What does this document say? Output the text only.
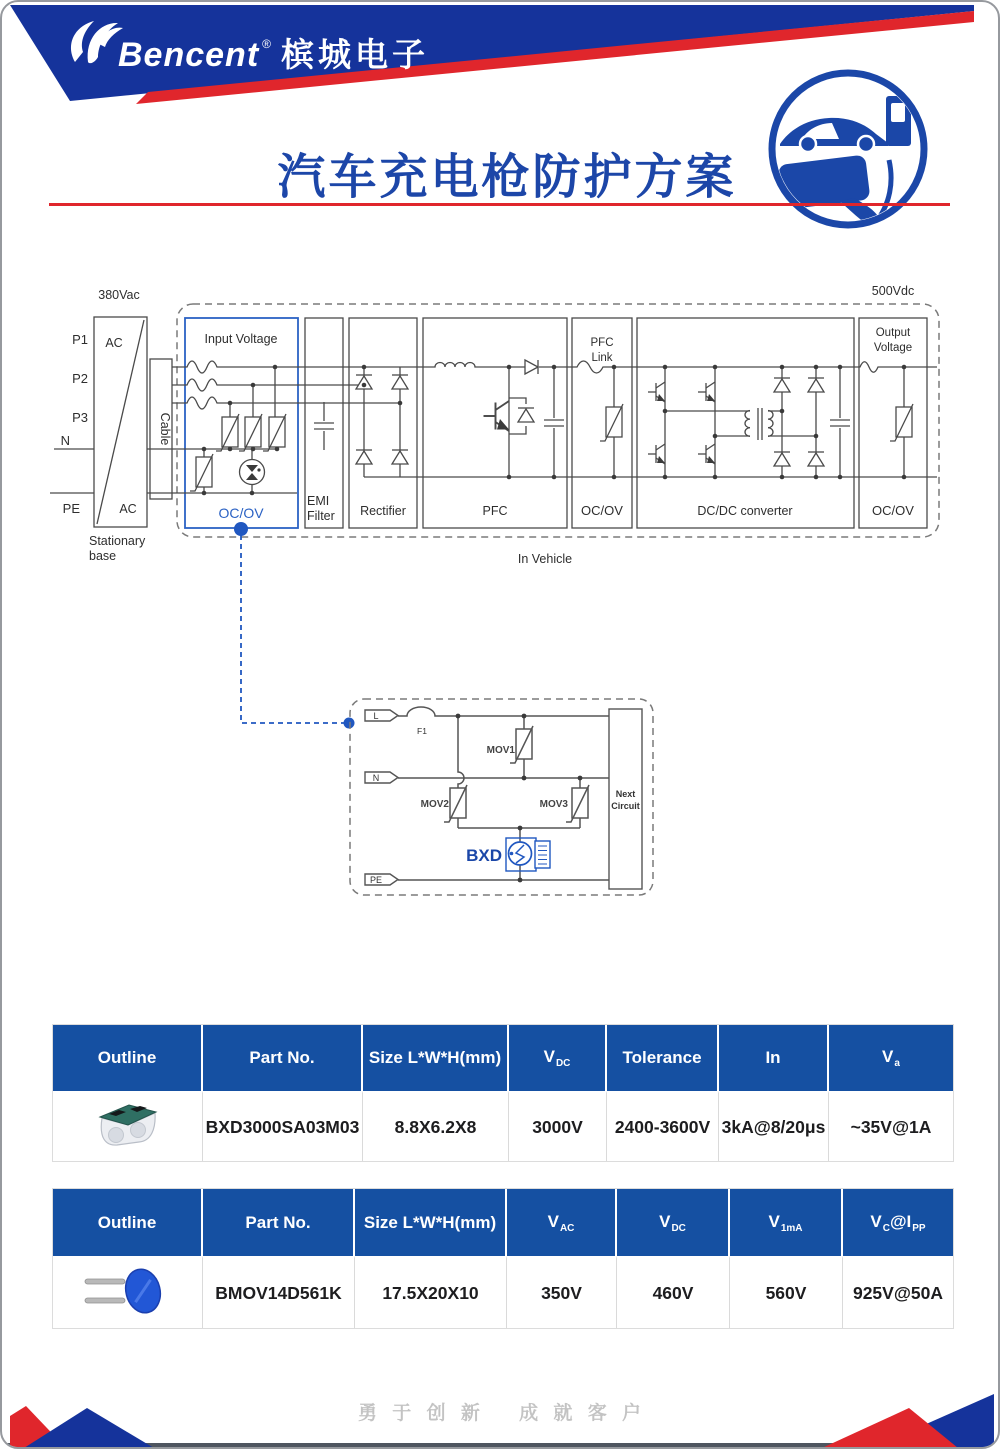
380Vac
AC
AC
P1
P2
P3
N
PE
Stationary
base
Cable
Input Voltage
OC/OV
EMI
Filter Rectifier	PFC
PFC
Link
OC/OV	DC/DC converter
Output
Voltage
OC/OV
500Vdc
In Vehicle
L
N
PE
F1
Next
Circuit
MOV1
MOV2	MOV3
BXD
Bencent ® 槟城电子
汽车充电枪防护方案
Outline	Part No.	Size L*W*H(mm)	$V_{DC}$	Tolerance	In	$V_a$
	BXD3000SA03M03	8.8X6.2X8	3000V	2400-3600V	3kA@8/20μs	~35V@1A
Outline	Part No.	Size L*W*H(mm)	$V_{AC}$	$V_{DC}$	$V_{1mA}$	$V_C@I_{PP}$
	BMOV14D561K	17.5X20X10	350V	460V	560V	925V@50A
勇 于 创 新　 成 就 客 户
